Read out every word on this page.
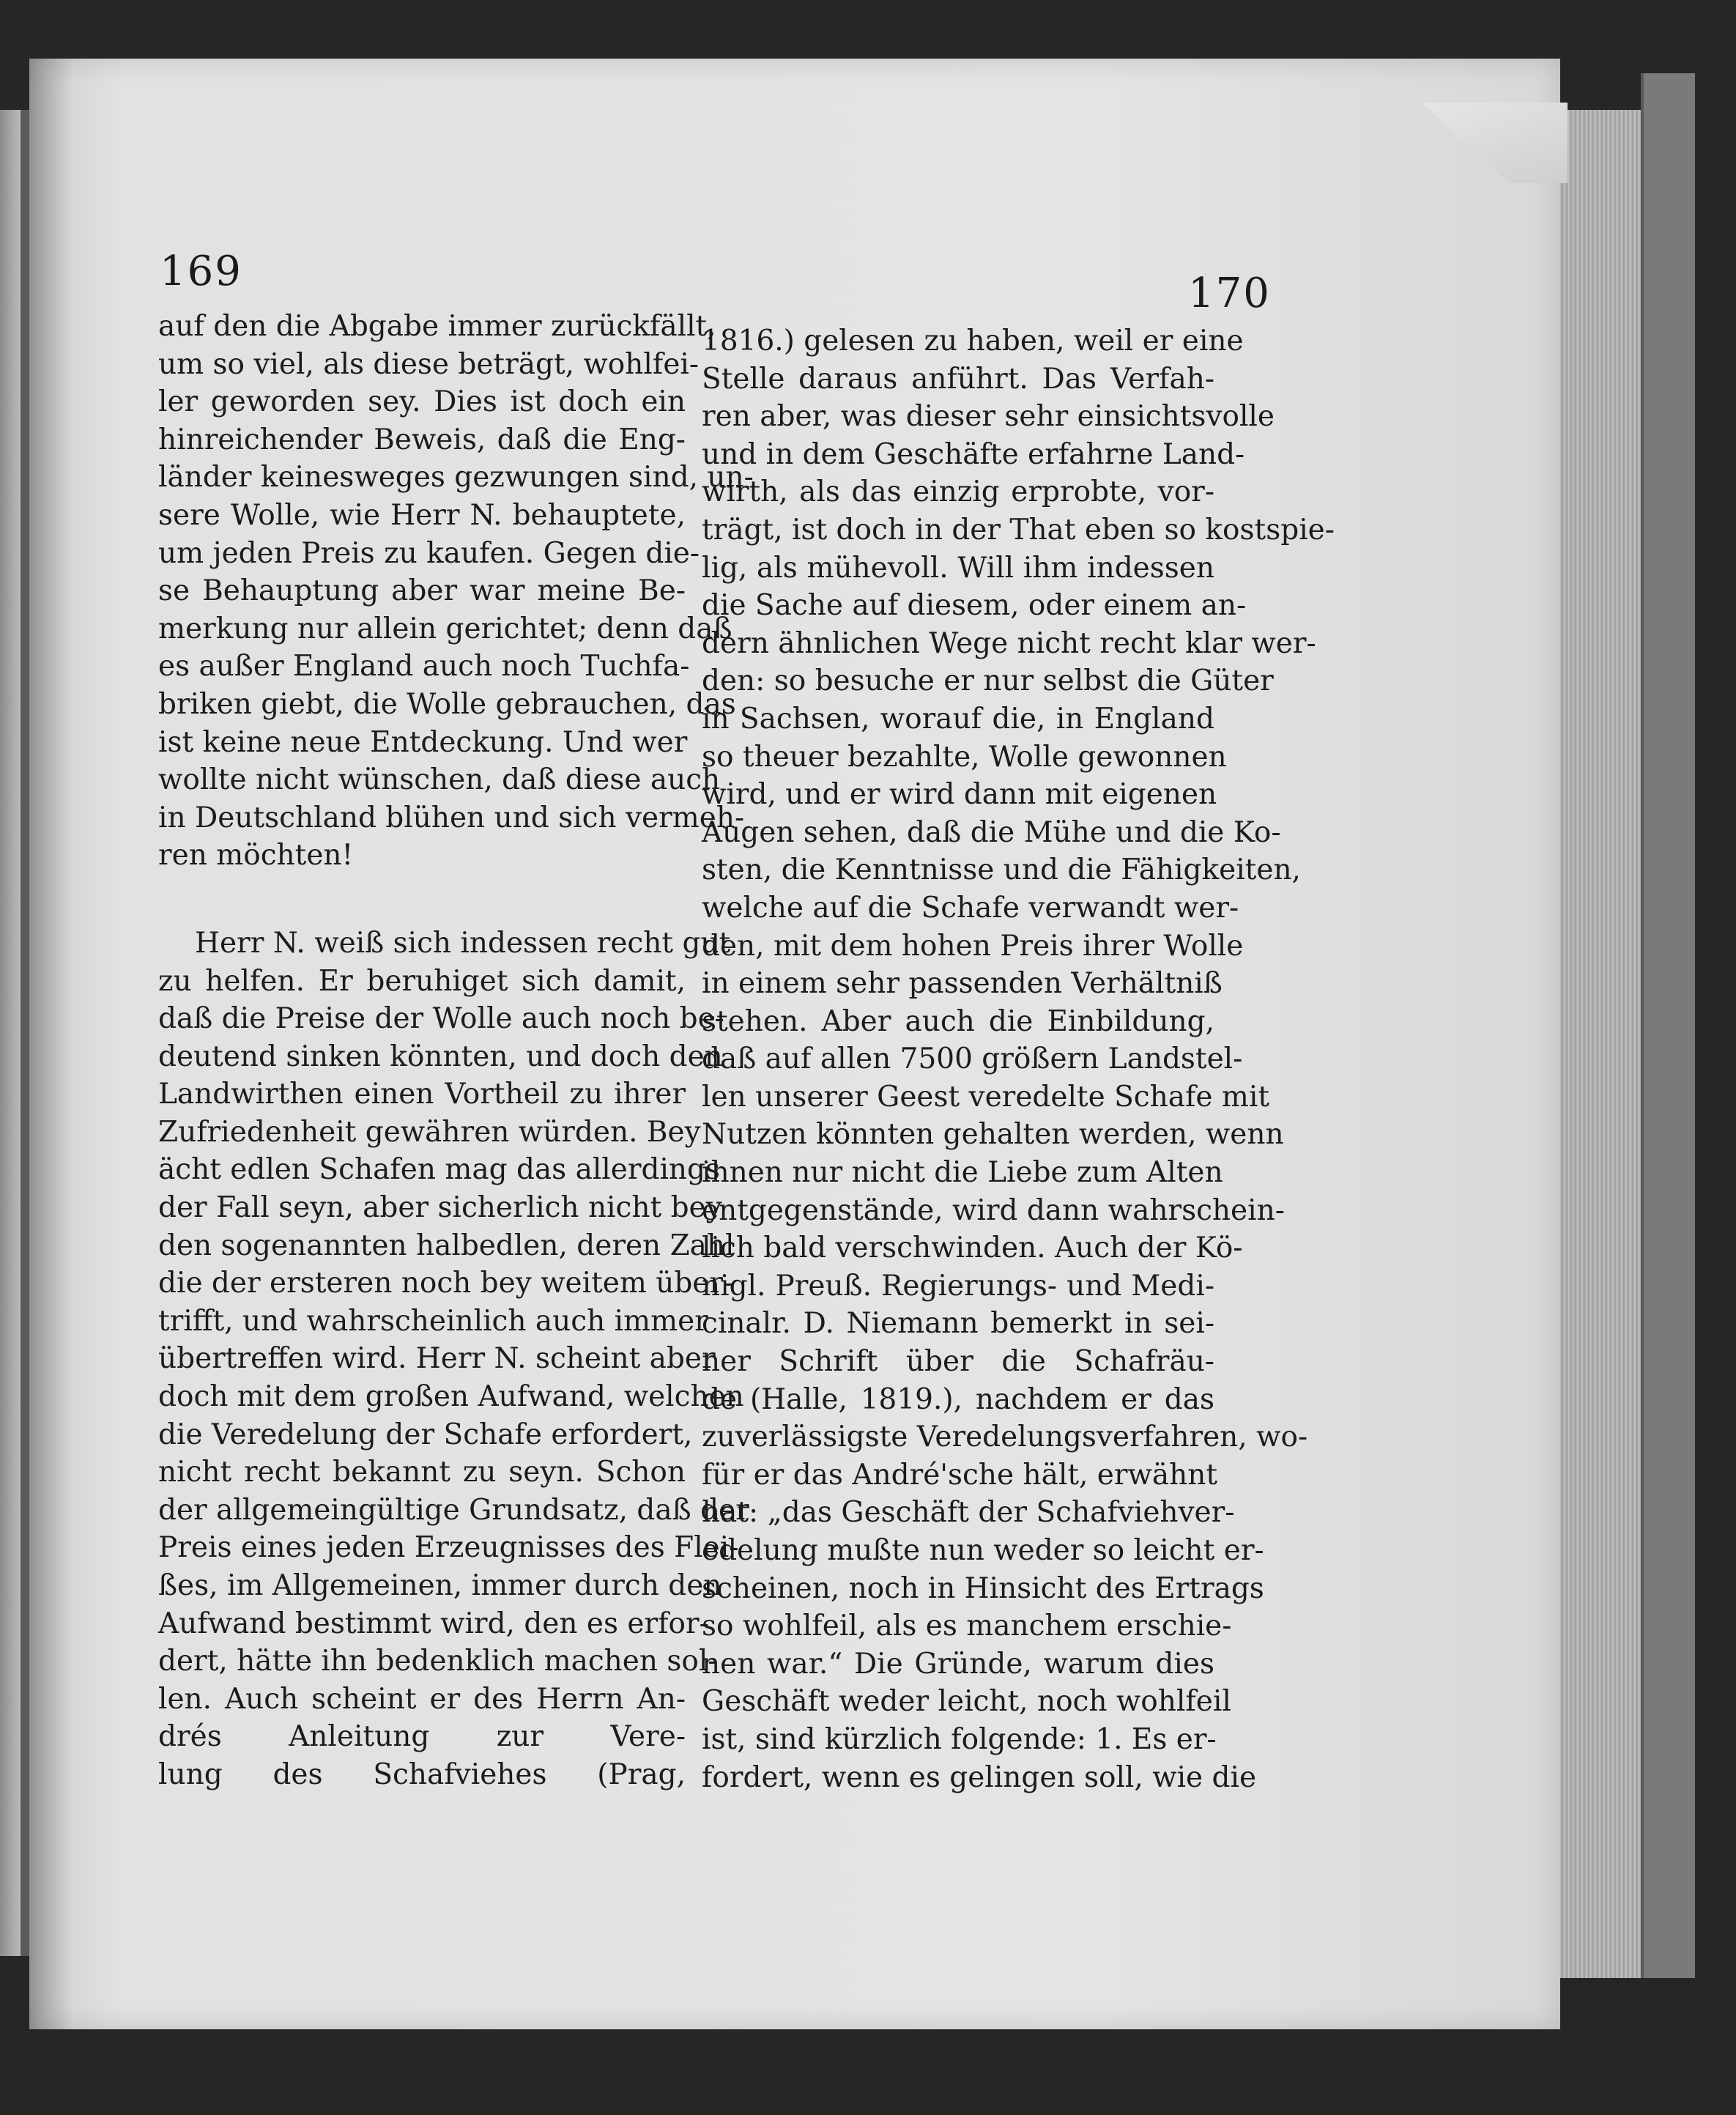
169	170
auf den die Abgabe immer zurückfällt,
um so viel, als diese beträgt, wohlfei-
ler geworden sey. Dies ist doch ein
hinreichender Beweis, daß die Eng-
länder keinesweges gezwungen sind, un-
sere Wolle, wie Herr N. behauptete,
um jeden Preis zu kaufen. Gegen die-
se Behauptung aber war meine Be-
merkung nur allein gerichtet; denn daß
es außer England auch noch Tuchfa-
briken giebt, die Wolle gebrauchen, das
ist keine neue Entdeckung. Und wer
wollte nicht wünschen, daß diese auch
in Deutschland blühen und sich vermeh-
ren möchten!
Herr N. weiß sich indessen recht gut
zu helfen. Er beruhiget sich damit,
daß die Preise der Wolle auch noch be-
deutend sinken könnten, und doch den
Landwirthen einen Vortheil zu ihrer
Zufriedenheit gewähren würden. Bey
ächt edlen Schafen mag das allerdings
der Fall seyn, aber sicherlich nicht bey
den sogenannten halbedlen, deren Zahl
die der ersteren noch bey weitem über-
trifft, und wahrscheinlich auch immer
übertreffen wird. Herr N. scheint aber
doch mit dem großen Aufwand, welchen
die Veredelung der Schafe erfordert,
nicht recht bekannt zu seyn. Schon
der allgemeingültige Grundsatz, daß der
Preis eines jeden Erzeugnisses des Flei-
ßes, im Allgemeinen, immer durch den
Aufwand bestimmt wird, den es erfor-
dert, hätte ihn bedenklich machen sol-
len. Auch scheint er des Herrn An-
drés Anleitung zur Vere-
lung des Schafviehes (Prag,
1816.) gelesen zu haben, weil er eine
Stelle daraus anführt. Das Verfah-
ren aber, was dieser sehr einsichtsvolle
und in dem Geschäfte erfahrne Land-
wirth, als das einzig erprobte, vor-
trägt, ist doch in der That eben so kostspie-
lig, als mühevoll. Will ihm indessen
die Sache auf diesem, oder einem an-
dern ähnlichen Wege nicht recht klar wer-
den: so besuche er nur selbst die Güter
in Sachsen, worauf die, in England
so theuer bezahlte, Wolle gewonnen
wird, und er wird dann mit eigenen
Augen sehen, daß die Mühe und die Ko-
sten, die Kenntnisse und die Fähigkeiten,
welche auf die Schafe verwandt wer-
den, mit dem hohen Preis ihrer Wolle
in einem sehr passenden Verhältniß
stehen. Aber auch die Einbildung,
daß auf allen 7500 größern Landstel-
len unserer Geest veredelte Schafe mit
Nutzen könnten gehalten werden, wenn
ihnen nur nicht die Liebe zum Alten
entgegenstände, wird dann wahrschein-
lich bald verschwinden. Auch der Kö-
nigl. Preuß. Regierungs- und Medi-
cinalr. D. Niemann bemerkt in sei-
ner Schrift über die Schafräu-
de (Halle, 1819.), nachdem er das
zuverlässigste Veredelungsverfahren, wo-
für er das André'sche hält, erwähnt
hat: „das Geschäft der Schafviehver-
edelung mußte nun weder so leicht er-
scheinen, noch in Hinsicht des Ertrags
so wohlfeil, als es manchem erschie-
nen war.“ Die Gründe, warum dies
Geschäft weder leicht, noch wohlfeil
ist, sind kürzlich folgende: 1. Es er-
fordert, wenn es gelingen soll, wie die
